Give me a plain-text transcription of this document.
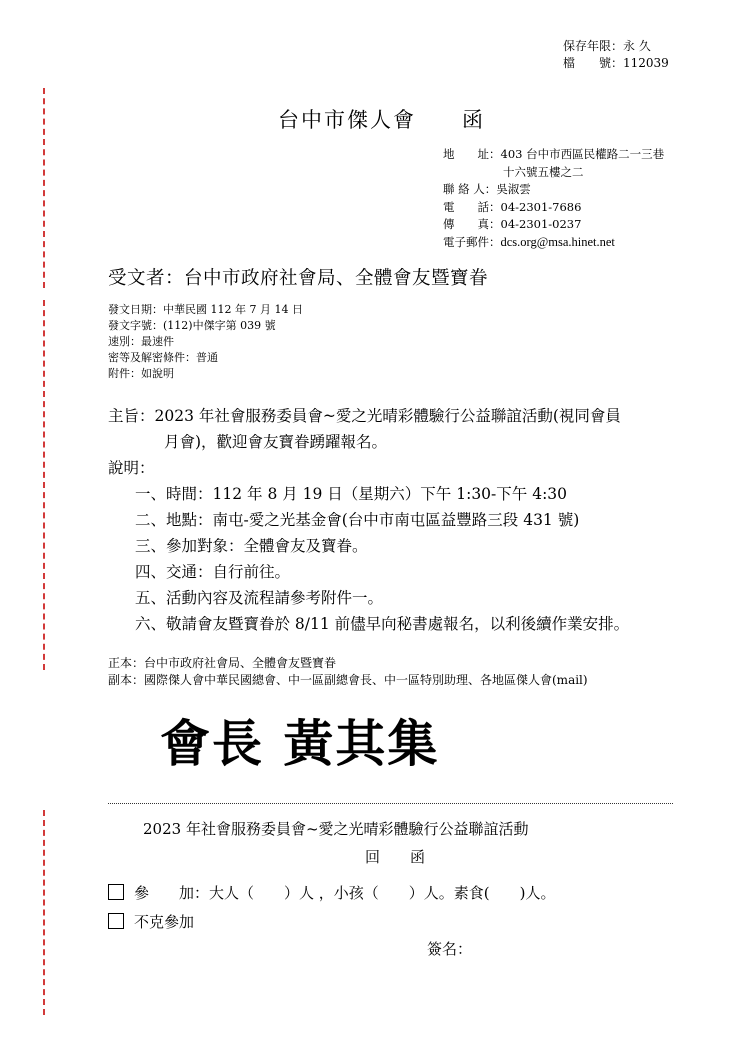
保存年限：永 久
檔　　號：112039
台中市傑人會　　函
地　　址：403 台中市西區民權路二一三巷
十六號五樓之二
聯 絡 人：吳淑雲
電　　話：04-2301-7686
傳　　真：04-2301-0237
電子郵件：dcs.org@msa.hinet.net
受文者：台中市政府社會局、全體會友暨寶眷
發文日期：中華民國 112 年 7 月 14 日
發文字號：(112)中傑字第 039 號
速別：最速件
密等及解密條件：普通
附件：如說明
主旨：2023 年社會服務委員會~愛之光晴彩體驗行公益聯誼活動(視同會員
月會)，歡迎會友寶眷踴躍報名。
說明：
一、時間：112 年 8 月 19 日（星期六）下午 1:30-下午 4:30
二、地點：南屯-愛之光基金會(台中市南屯區益豐路三段 431 號)
三、參加對象：全體會友及寶眷。
四、交通：自行前往。
五、活動內容及流程請參考附件一。
六、敬請會友暨寶眷於 8/11 前儘早向秘書處報名，以利後續作業安排。
正本：台中市政府社會局、全體會友暨寶眷
副本：國際傑人會中華民國總會、中一區副總會長、中一區特別助理、各地區傑人會(mail)
會長 黃其集
2023 年社會服務委員會~愛之光晴彩體驗行公益聯誼活動
回　　函
參　　加：大人（　　）人 ，小孩（　　）人。素食(　　)人。
不克參加
簽名：
